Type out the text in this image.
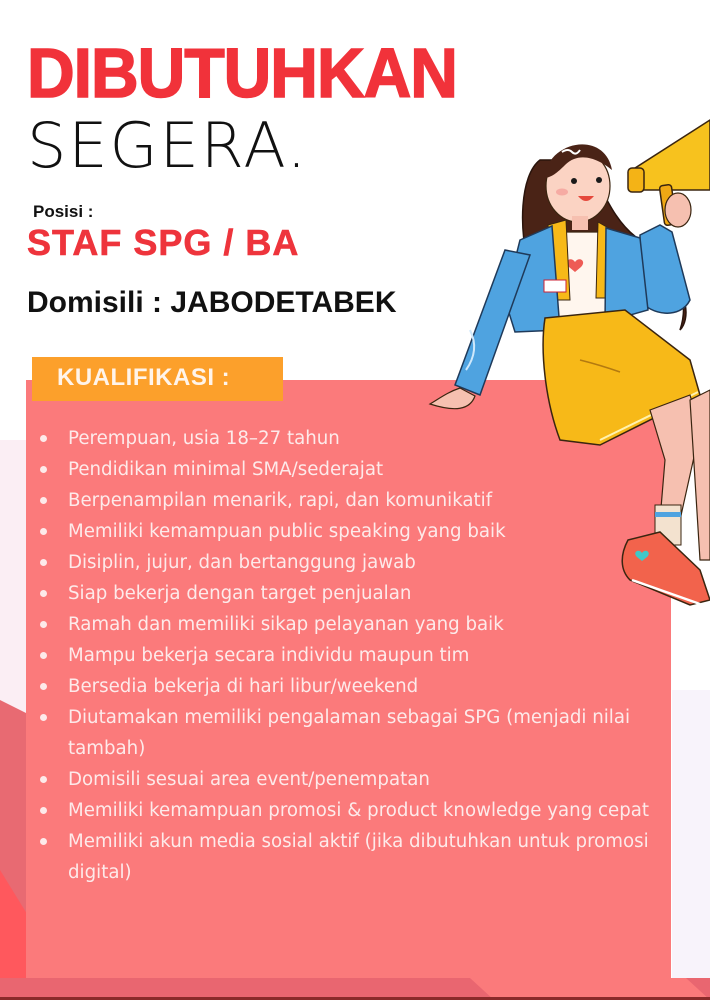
DIBUTUHKAN
SEGERA.
Posisi :
STAF SPG / BA
Domisili : JABODETABEK
KUALIFIKASI :
Perempuan, usia 18–27 tahun
Pendidikan minimal SMA/sederajat
Berpenampilan menarik, rapi, dan komunikatif
Memiliki kemampuan public speaking yang baik
Disiplin, jujur, dan bertanggung jawab
Siap bekerja dengan target penjualan
Ramah dan memiliki sikap pelayanan yang baik
Mampu bekerja secara individu maupun tim
Bersedia bekerja di hari libur/weekend
Diutamakan memiliki pengalaman sebagai SPG (menjadi nilai tambah)
Domisili sesuai area event/penempatan
Memiliki kemampuan promosi & product knowledge yang cepat
Memiliki akun media sosial aktif (jika dibutuhkan untuk promosi digital)
